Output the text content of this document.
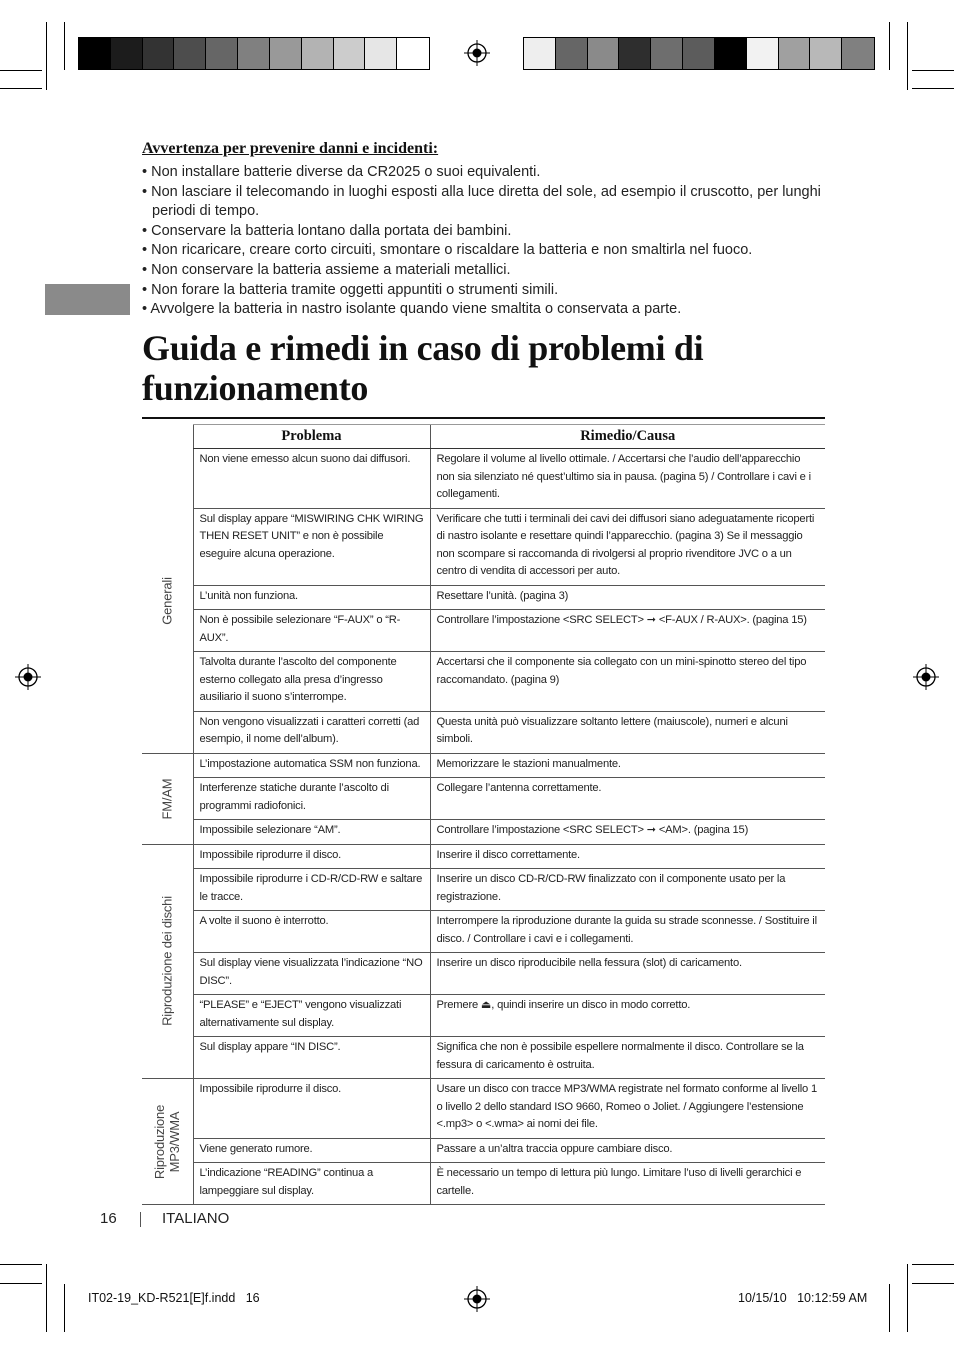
Avvertenza per prevenire danni e incidenti:
• Non installare batterie diverse da CR2025 o suoi equivalenti.
• Non lasciare il telecomando in luoghi esposti alla luce diretta del sole, ad esempio il cruscotto, per lunghi periodi di tempo.
• Conservare la batteria lontano dalla portata dei bambini.
• Non ricaricare, creare corto circuiti, smontare o riscaldare la batteria e non smaltirla nel fuoco.
• Non conservare la batteria assieme a materiali metallici.
• Non forare la batteria tramite oggetti appuntiti o strumenti simili.
• Avvolgere la batteria in nastro isolante quando viene smaltita o conservata a parte.
Guida e rimedi in caso di problemi di funzionamento
	Problema	Rimedio/Causa

Generali	Non viene emesso alcun suono dai diffusori.	Regolare il volume al livello ottimale. / Accertarsi che l’audio dell’apparecchio non sia silenziato né quest’ultimo sia in pausa. (pagina 5) / Controllare i cavi e i collegamenti.
	Sul display appare “MISWIRING CHK WIRING THEN RESET UNIT” e non è possibile eseguire alcuna operazione.	Verificare che tutti i terminali dei cavi dei diffusori siano adeguatamente ricoperti di nastro isolante e resettare quindi l’apparecchio. (pagina 3) Se il messaggio non scompare si raccomanda di rivolgersi al proprio rivenditore JVC o a un centro di vendita di accessori per auto.
	L’unità non funziona.	Resettare l’unità. (pagina 3)
	Non è possibile selezionare “F-AUX” o “R-AUX”.	Controllare l’impostazione <SRC SELECT> ➞ <F-AUX / R-AUX>. (pagina 15)
	Talvolta durante l’ascolto del componente esterno collegato alla presa d’ingresso ausiliario il suono s’interrompe.	Accertarsi che il componente sia collegato con un mini-spinotto stereo del tipo raccomandato. (pagina 9)
	Non vengono visualizzati i caratteri corretti (ad esempio, il nome dell’album).	Questa unità può visualizzare soltanto lettere (maiuscole), numeri e alcuni simboli.

FM/AM	L’impostazione automatica SSM non funziona.	Memorizzare le stazioni manualmente.
	Interferenze statiche durante l’ascolto di programmi radiofonici.	Collegare l’antenna correttamente.
	Impossibile selezionare “AM”.	Controllare l’impostazione <SRC SELECT> ➞ <AM>. (pagina 15)

Riproduzione dei dischi	Impossibile riprodurre il disco.	Inserire il disco correttamente.
	Impossibile riprodurre i CD-R/CD-RW e saltare le tracce.	Inserire un disco CD-R/CD-RW finalizzato con il componente usato per la registrazione.
	A volte il suono è interrotto.	Interrompere la riproduzione durante la guida su strade sconnesse. / Sostituire il disco. / Controllare i cavi e i collegamenti.
	Sul display viene visualizzata l’indicazione “NO DISC”.	Inserire un disco riproducibile nella fessura (slot) di caricamento.
	“PLEASE” e “EJECT” vengono visualizzati alternativamente sul display.	Premere ⏏, quindi inserire un disco in modo corretto.
	Sul display appare “IN DISC”.	Significa che non è possibile espellere normalmente il disco. Controllare se la fessura di caricamento è ostruita.

Riproduzione
MP3/WMA	Impossibile riprodurre il disco.	Usare un disco con tracce MP3/WMA registrate nel formato conforme al livello 1 o livello 2 dello standard ISO 9660, Romeo o Joliet. / Aggiungere l’estensione <.mp3> o <.wma> ai nomi dei file.
	Viene generato rumore.	Passare a un’altra traccia oppure cambiare disco.
	L’indicazione “READING” continua a lampeggiare sul display.	È necessario un tempo di lettura più lungo. Limitare l’uso di livelli gerarchici e cartelle.
16	ITALIANO
IT02-19_KD-R521[E]f.indd   16	10/15/10   10:12:59 AM
